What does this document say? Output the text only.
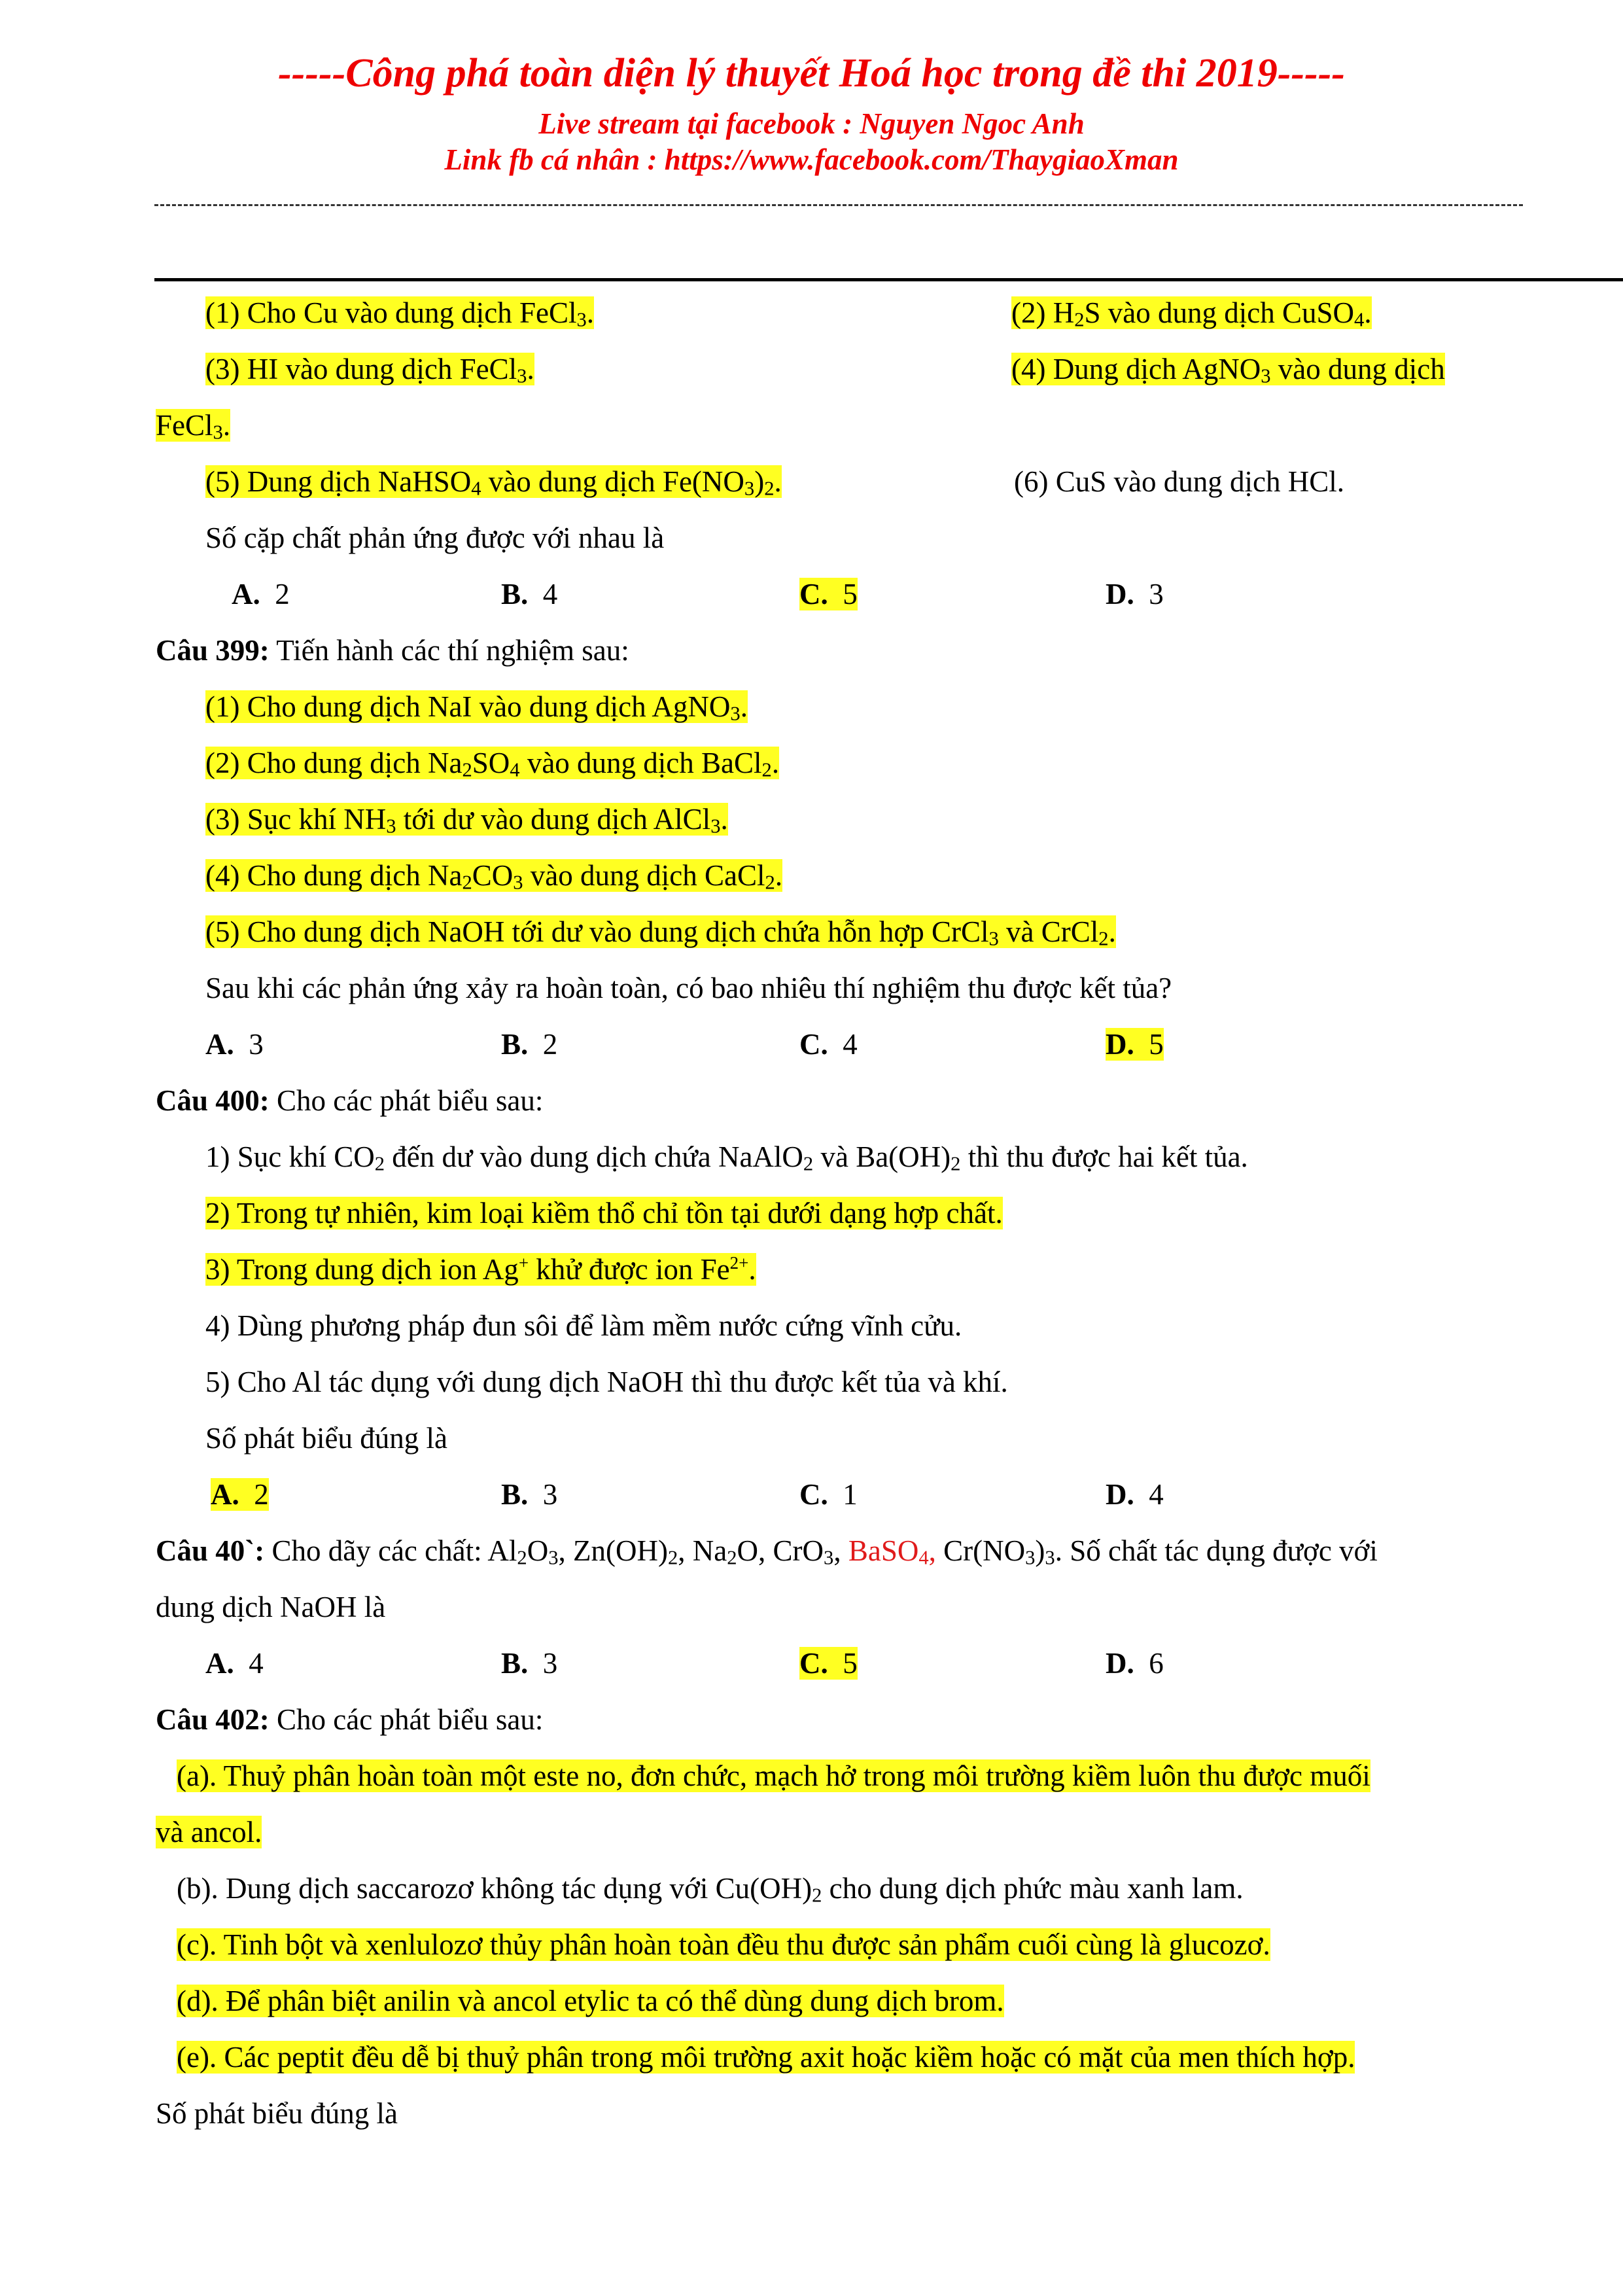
-----Công phá toàn diện lý thuyết Hoá học trong đề thi 2019-----
Live stream tại facebook : Nguyen Ngoc Anh
Link fb cá nhân : https://www.facebook.com/ThaygiaoXman
(1) Cho Cu vào dung dịch FeCl$_3$.	(2) $H_2S$ vào dung dịch CuSO$_4$.
(3) HI vào dung dịch FeCl$_3$.	(4) Dung dịch AgNO$_3$ vào dung dịch
FeCl$_3$.
(5) Dung dịch NaHSO$_4$ vào dung dịch $Fe(NO_3)_2$.	(6) CuS vào dung dịch HCl.
Số cặp chất phản ứng được với nhau là
A. 2	B. 4	C. 5	D. 3
Câu 399: Tiến hành các thí nghiệm sau:
(1) Cho dung dịch NaI vào dung dịch AgNO$_3$.
(2) Cho dung dịch $Na_2SO_4$ vào dung dịch BaCl$_2$.
(3) Sục khí $NH_3$ tới dư vào dung dịch AlCl$_3$.
(4) Cho dung dịch $Na_2CO_3$ vào dung dịch CaCl$_2$.
(5) Cho dung dịch NaOH tới dư vào dung dịch chứa hỗn hợp CrCl$_3$ và CrCl$_2$.
Sau khi các phản ứng xảy ra hoàn toàn, có bao nhiêu thí nghiệm thu được kết tủa?
A. 3	B. 2	C. 4	D. 5
Câu 400: Cho các phát biểu sau:
1) Sục khí $CO_2$ đến dư vào dung dịch chứa NaAlO$_2$ và $Ba(OH)_2$ thì thu được hai kết tủa.
2) Trong tự nhiên, kim loại kiềm thổ chỉ tồn tại dưới dạng hợp chất.
3) Trong dung dịch ion Ag+ khử được ion $Fe^{2+}$.
4) Dùng phương pháp đun sôi để làm mềm nước cứng vĩnh cửu.
5) Cho Al tác dụng với dung dịch NaOH thì thu được kết tủa và khí.
Số phát biểu đúng là
A. 2	B. 3	C. 1	D. 4
Câu 40`: Cho dãy các chất: $Al_2O_3$, $Zn(OH)_2$, $Na_2O$, CrO$_3$, BaSO$_4$, $Cr(NO_3)_3$. Số chất tác dụng được với
dung dịch NaOH là
A. 4	B. 3	C. 5	D. 6
Câu 402: Cho các phát biểu sau:
(a). Thuỷ phân hoàn toàn một este no, đơn chức, mạch hở trong môi trường kiềm luôn thu được muối
và ancol.
(b). Dung dịch saccarozơ không tác dụng với $Cu(OH)_2$ cho dung dịch phức màu xanh lam.
(c). Tinh bột và xenlulozơ thủy phân hoàn toàn đều thu được sản phẩm cuối cùng là glucozơ.
(d). Để phân biệt anilin và ancol etylic ta có thể dùng dung dịch brom.
(e). Các peptit đều dễ bị thuỷ phân trong môi trường axit hoặc kiềm hoặc có mặt của men thích hợp.
Số phát biểu đúng là
